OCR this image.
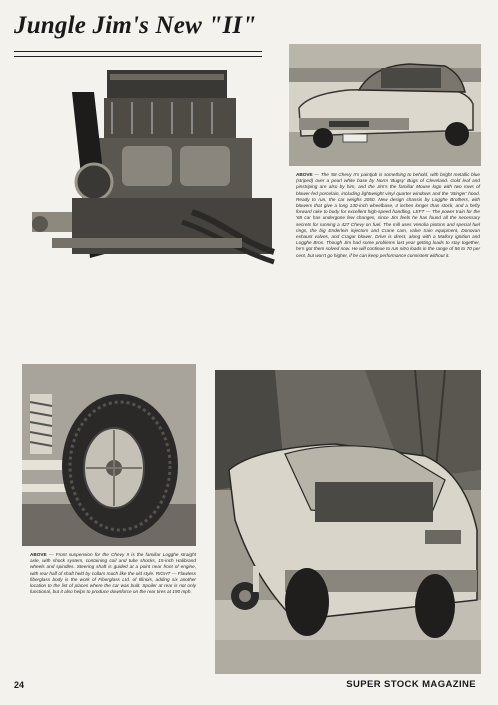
Jungle Jim's New "II"
ABOVE — The '68 Chevy II's paintjob is something to behold, with bright metallic blue (striped) over a pearl white base by Norm 'Bugsy' Bugs of Cleveland. Gold leaf and pinstriping are also by him, and the Jim's the familiar Mouse logo with two rows of blower-fed porcelain, including lightweight vinyl quarter windows and the 'Stinger' hood. Ready to run, the car weighs 2050. New design chassis by Logghe Brothers, with blowers that give a long 130-inch wheelbase, 4 inches longer than stock, and a hefty forward rake to body for excellent high-speed handling. LEFT — The power train for the '68 car has undergone few changes, since Jim feels he has found all the necessary secrets for running a 427 Chevy on fuel. The mill uses Venolia pistons and special fuel rings, the big Enderlein injectors and Crane cam, valve train equipment, Donovan exhaust valves, and Cragar blower. Drive is direct, along with a Mallory ignition and Logghe Bros. Though Jim had some problems last year getting loads to stay together, he's got them solved now. He will continue to run nitro loads in the range of 56 to 70 per cent, but won't go higher, if he can keep performance consistent without it.
ABOVE — Front suspension for the Chevy II is the familiar Logghe straight axle, with shock system, containing coil and tube shocks, 15-inch Halibrand wheels and spindles. Steering shaft is guided at a point near front of engine, with rear half of shaft held by collars much like the old style. RIGHT — Flawless fiberglass body is the work of Fiberglass Ltd. of Illinois, adding six another location to the list of places where the car was built. Spoiler at rear is not only functional, but it also helps to produce downforce on the rear tires at 190 mph.
24	SUPER STOCK MAGAZINE
